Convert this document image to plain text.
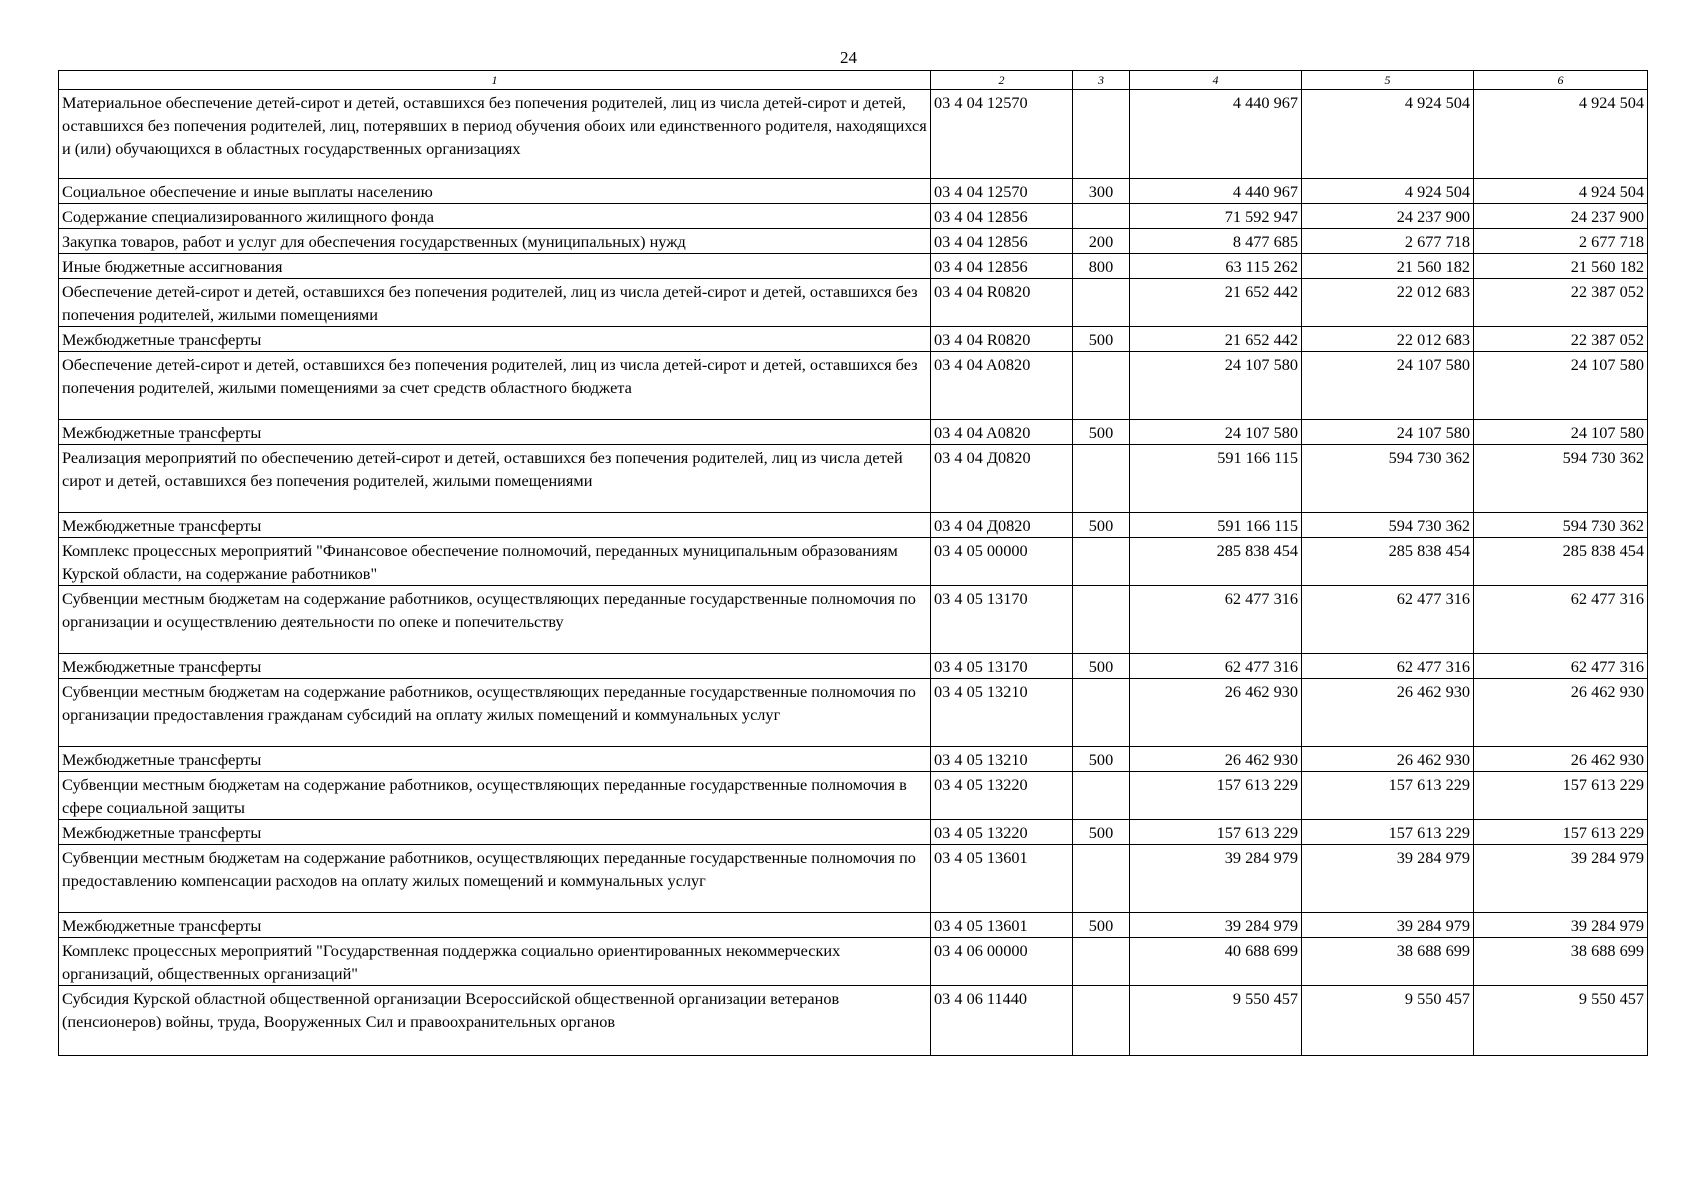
24
1	2	3	4	5	6
Материальное обеспечение детей-сирот и детей, оставшихся без попечения родителей, лиц из числа детей-сирот и детей, оставшихся без попечения родителей, лиц, потерявших в период обучения обоих или единственного родителя, находящихся и (или) обучающихся в областных государственных организациях	03 4 04 12570		4 440 967	4 924 504	4 924 504
Социальное обеспечение и иные выплаты населению	03 4 04 12570	300	4 440 967	4 924 504	4 924 504
Содержание специализированного жилищного фонда	03 4 04 12856		71 592 947	24 237 900	24 237 900
Закупка товаров, работ и услуг для обеспечения государственных (муниципальных) нужд	03 4 04 12856	200	8 477 685	2 677 718	2 677 718
Иные бюджетные ассигнования	03 4 04 12856	800	63 115 262	21 560 182	21 560 182
Обеспечение детей-сирот и детей, оставшихся без попечения родителей, лиц из числа детей-сирот и детей, оставшихся без попечения родителей, жилыми помещениями	03 4 04 R0820		21 652 442	22 012 683	22 387 052
Межбюджетные трансферты	03 4 04 R0820	500	21 652 442	22 012 683	22 387 052
Обеспечение детей-сирот и детей, оставшихся без попечения родителей, лиц из числа детей-сирот и детей, оставшихся без попечения родителей, жилыми помещениями за счет средств областного бюджета	03 4 04 A0820		24 107 580	24 107 580	24 107 580
Межбюджетные трансферты	03 4 04 A0820	500	24 107 580	24 107 580	24 107 580
Реализация мероприятий по обеспечению детей-сирот и детей, оставшихся без попечения родителей, лиц из числа детей сирот и детей, оставшихся без попечения родителей, жилыми помещениями	03 4 04 Д0820		591 166 115	594 730 362	594 730 362
Межбюджетные трансферты	03 4 04 Д0820	500	591 166 115	594 730 362	594 730 362
Комплекс процессных мероприятий "Финансовое обеспечение полномочий, переданных муниципальным образованиям Курской области, на содержание работников"	03 4 05 00000		285 838 454	285 838 454	285 838 454
Субвенции местным бюджетам на содержание работников, осуществляющих переданные государственные полномочия по организации и осуществлению деятельности по опеке и попечительству	03 4 05 13170		62 477 316	62 477 316	62 477 316
Межбюджетные трансферты	03 4 05 13170	500	62 477 316	62 477 316	62 477 316
Субвенции местным бюджетам на содержание работников, осуществляющих переданные государственные полномочия по организации предоставления гражданам субсидий на оплату жилых помещений и коммунальных услуг	03 4 05 13210		26 462 930	26 462 930	26 462 930
Межбюджетные трансферты	03 4 05 13210	500	26 462 930	26 462 930	26 462 930
Субвенции местным бюджетам на содержание работников, осуществляющих переданные государственные полномочия в сфере социальной защиты	03 4 05 13220		157 613 229	157 613 229	157 613 229
Межбюджетные трансферты	03 4 05 13220	500	157 613 229	157 613 229	157 613 229
Субвенции местным бюджетам на содержание работников, осуществляющих переданные государственные полномочия по предоставлению компенсации расходов на оплату жилых помещений и коммунальных услуг	03 4 05 13601		39 284 979	39 284 979	39 284 979
Межбюджетные трансферты	03 4 05 13601	500	39 284 979	39 284 979	39 284 979
Комплекс процессных мероприятий "Государственная поддержка социально ориентированных некоммерческих организаций, общественных организаций"	03 4 06 00000		40 688 699	38 688 699	38 688 699
Субсидия Курской областной общественной организации Всероссийской общественной организации ветеранов (пенсионеров) войны, труда, Вооруженных Сил и правоохранительных органов	03 4 06 11440		9 550 457	9 550 457	9 550 457
